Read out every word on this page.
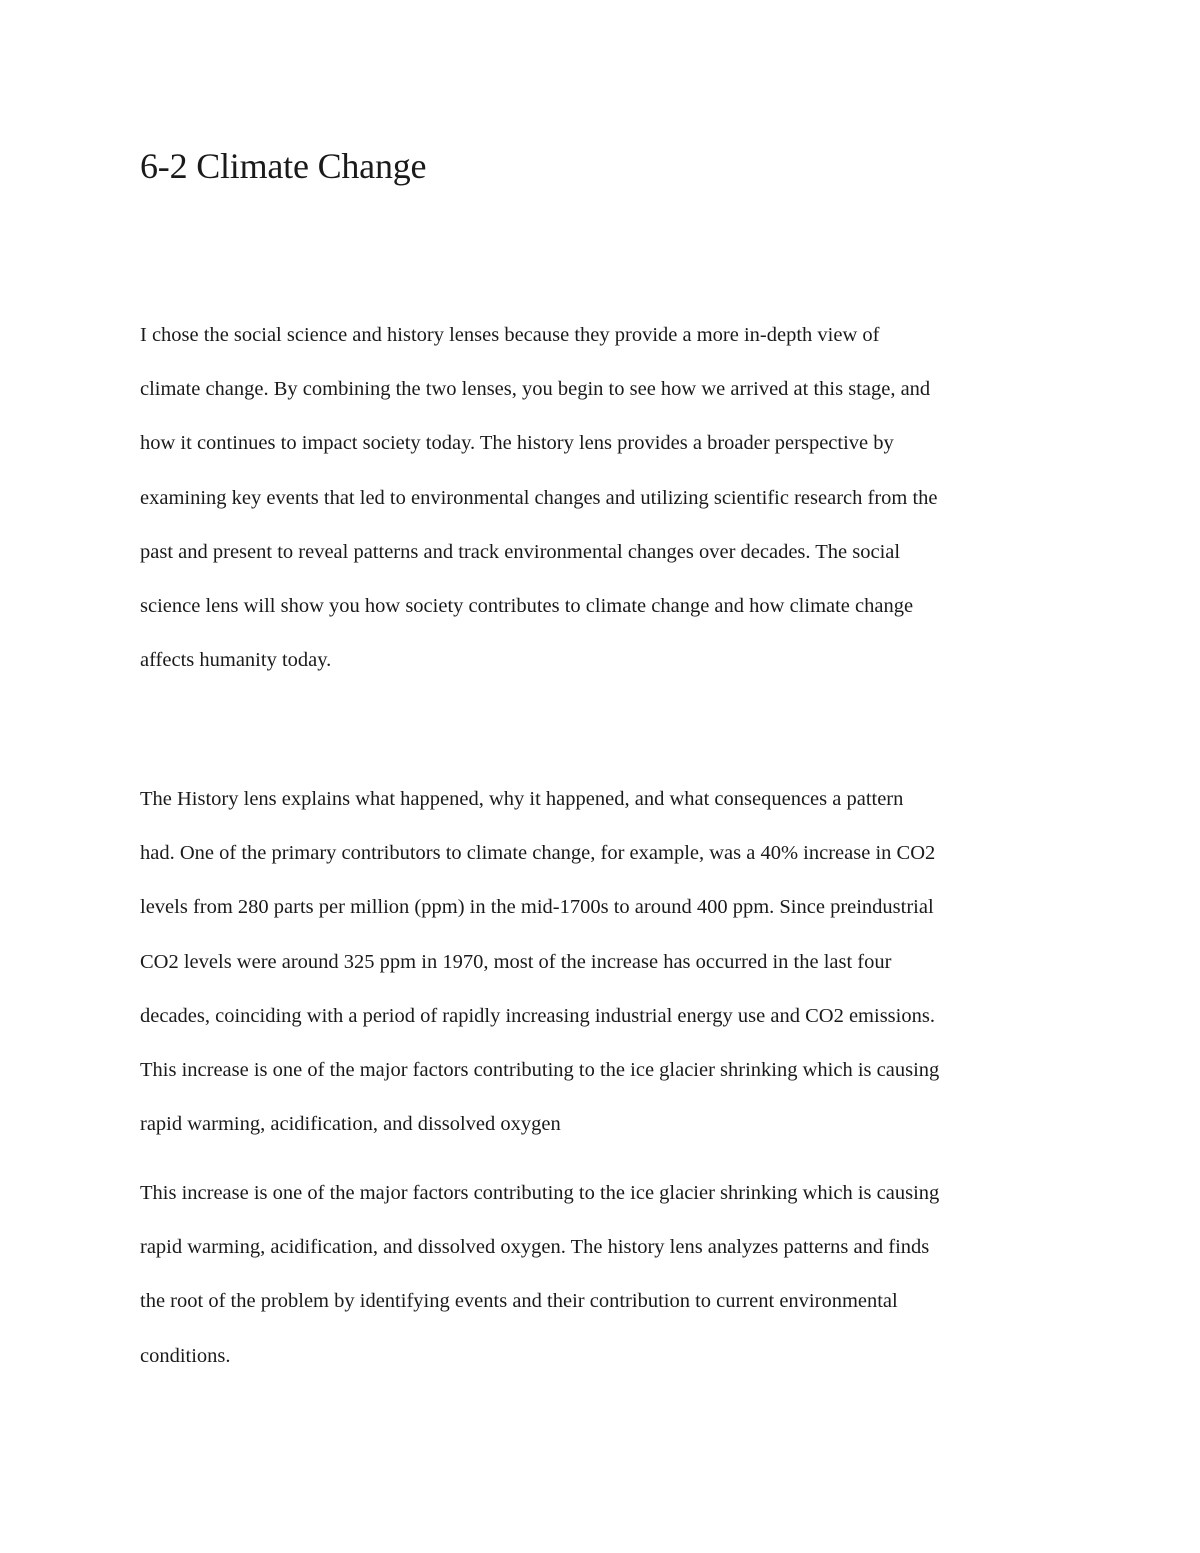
6-2 Climate Change

I chose the social science and history lenses because they provide a more in-depth view of
climate change. By combining the two lenses, you begin to see how we arrived at this stage, and
how it continues to impact society today. The history lens provides a broader perspective by
examining key events that led to environmental changes and utilizing scientific research from the
past and present to reveal patterns and track environmental changes over decades. The social
science lens will show you how society contributes to climate change and how climate change
affects humanity today.

The History lens explains what happened, why it happened, and what consequences a pattern
had. One of the primary contributors to climate change, for example, was a 40% increase in CO2
levels from 280 parts per million (ppm) in the mid-1700s to around 400 ppm. Since preindustrial
CO2 levels were around 325 ppm in 1970, most of the increase has occurred in the last four
decades, coinciding with a period of rapidly increasing industrial energy use and CO2 emissions.
This increase is one of the major factors contributing to the ice glacier shrinking which is causing
rapid warming, acidification, and dissolved oxygen

This increase is one of the major factors contributing to the ice glacier shrinking which is causing
rapid warming, acidification, and dissolved oxygen. The history lens analyzes patterns and finds
the root of the problem by identifying events and their contribution to current environmental
conditions.
